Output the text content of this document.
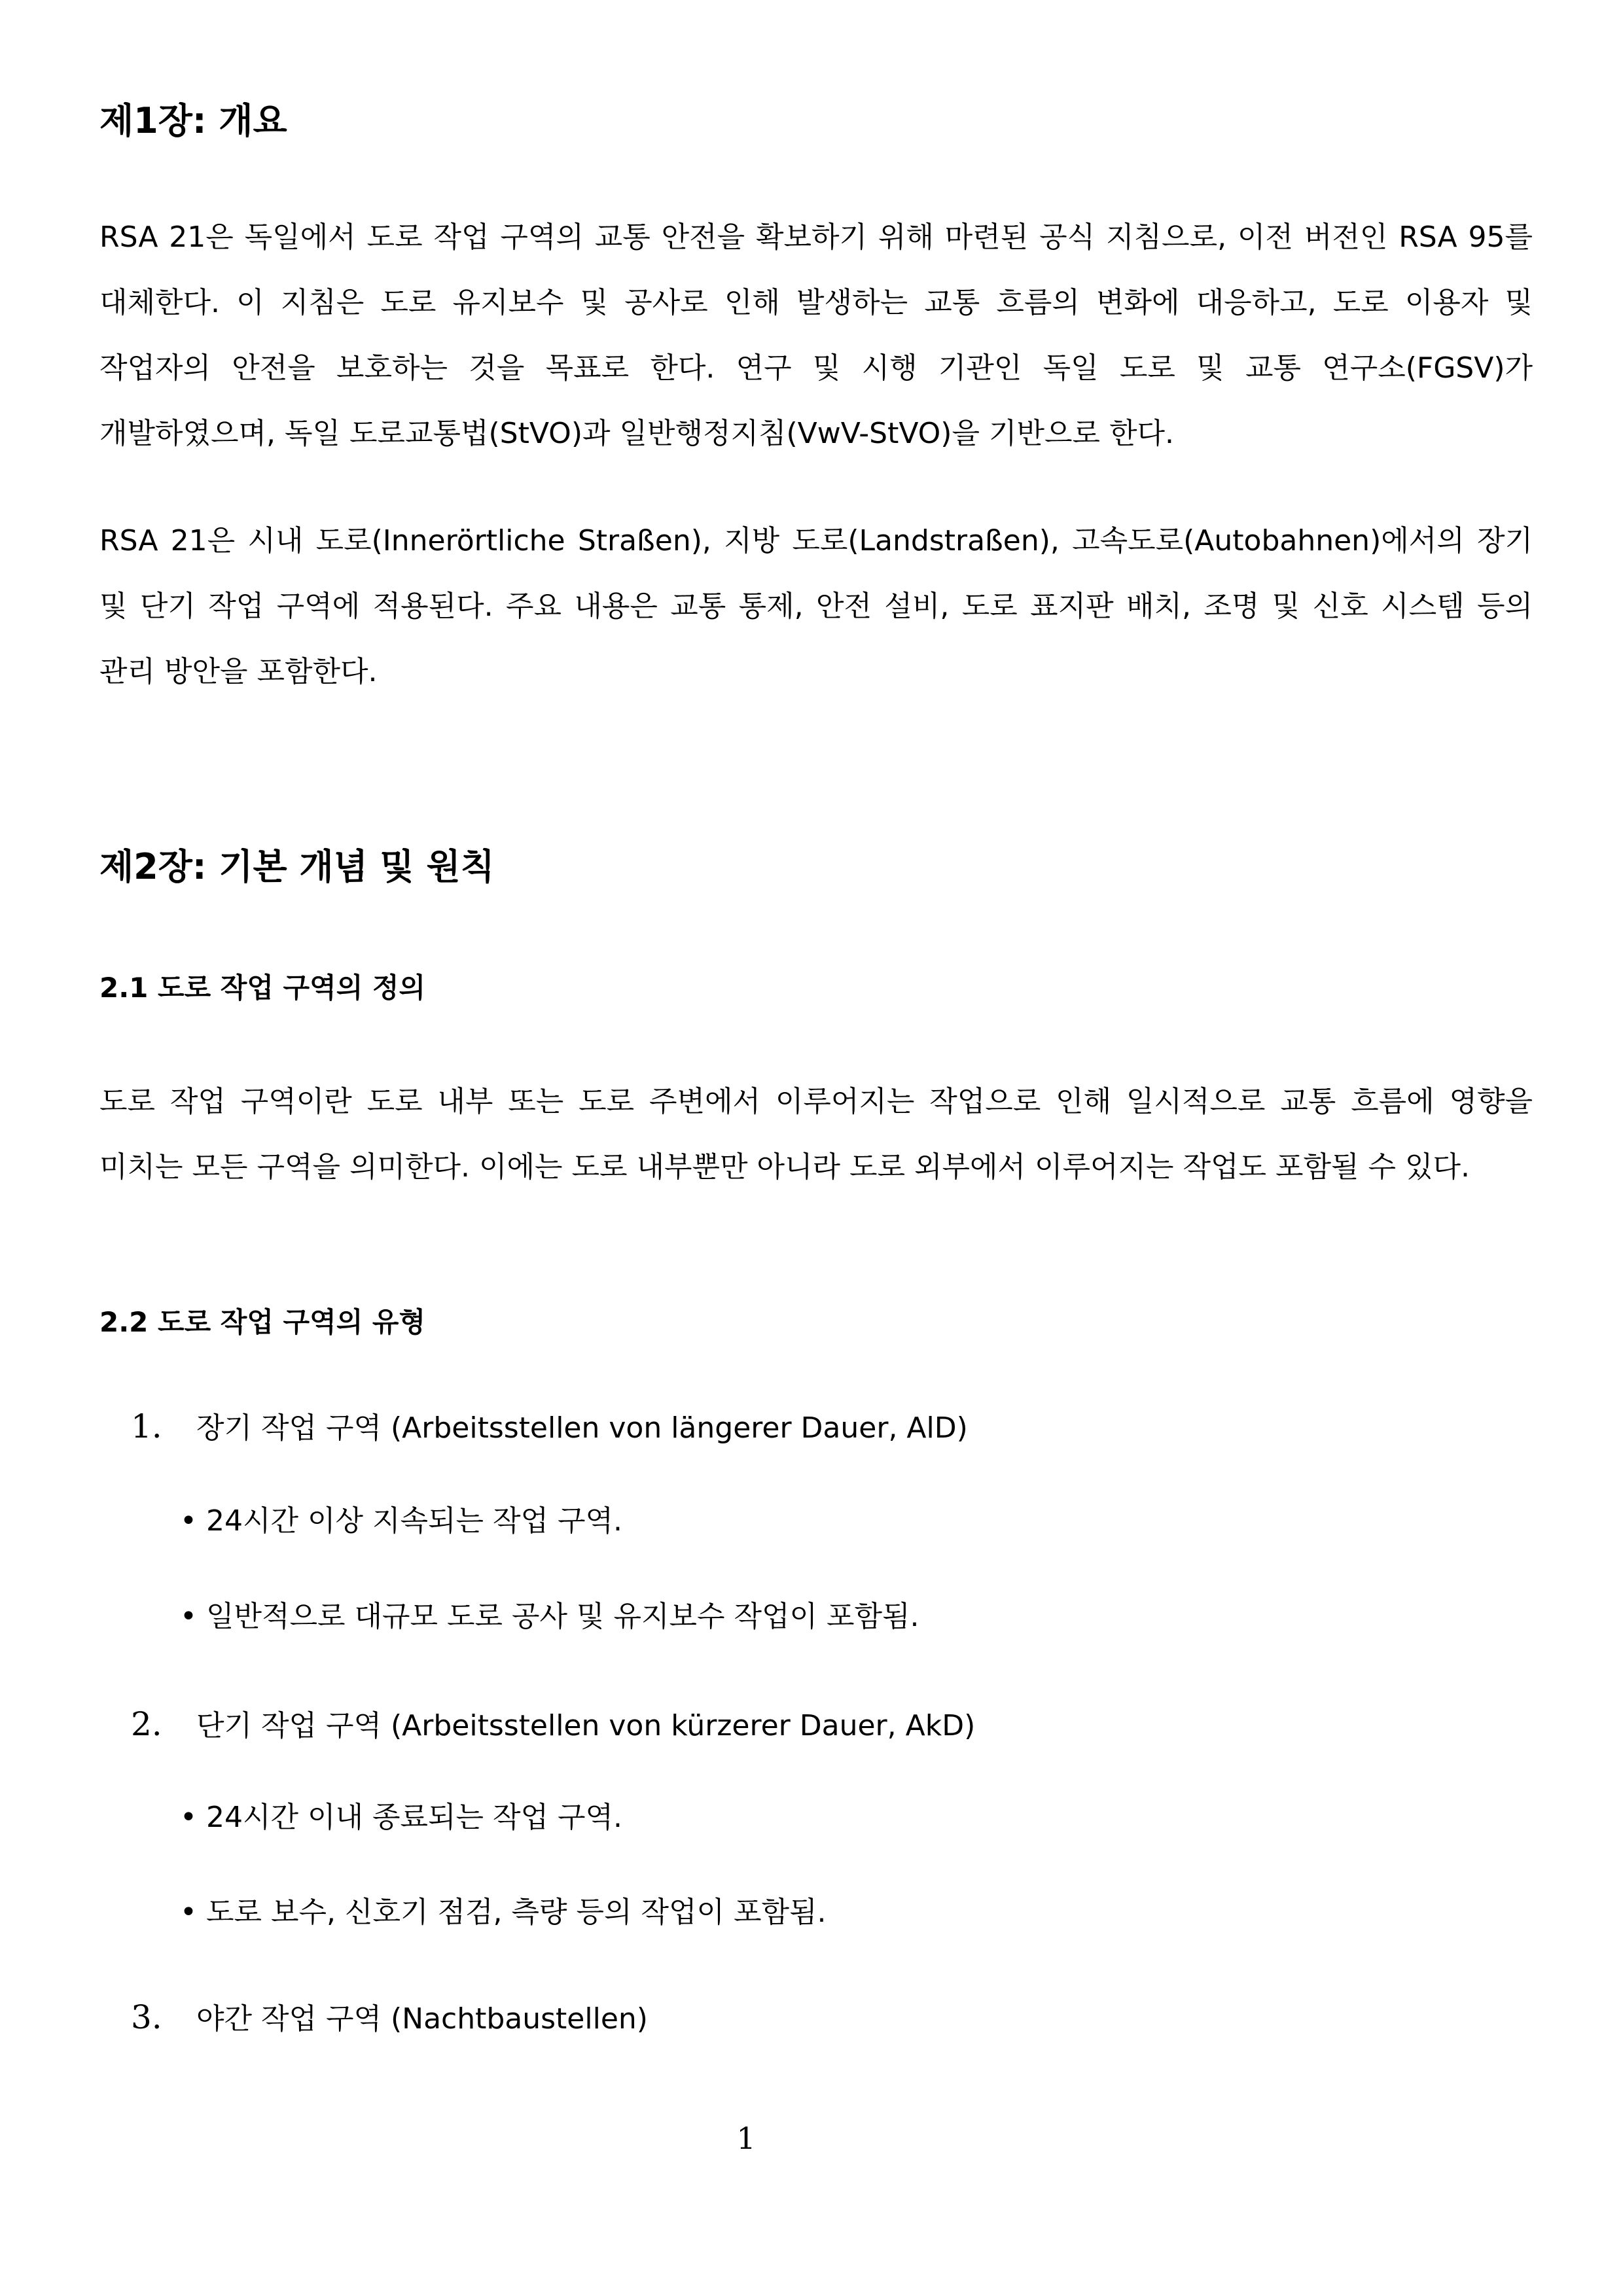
제1장: 개요

RSA 21은 독일에서 도로 작업 구역의 교통 안전을 확보하기 위해 마련된 공식 지침으로, 이전 버전인 RSA 95를 대체한다. 이 지침은 도로 유지보수 및 공사로 인해 발생하는 교통 흐름의 변화에 대응하고, 도로 이용자 및 작업자의 안전을 보호하는 것을 목표로 한다. 연구 및 시행 기관인 독일 도로 및 교통 연구소(FGSV)가 개발하였으며, 독일 도로교통법(StVO)과 일반행정지침(VwV-StVO)을 기반으로 한다.

RSA 21은 시내 도로(Innerörtliche Straßen), 지방 도로(Landstraßen), 고속도로(Autobahnen)에서의 장기 및 단기 작업 구역에 적용된다. 주요 내용은 교통 통제, 안전 설비, 도로 표지판 배치, 조명 및 신호 시스템 등의 관리 방안을 포함한다.

제2장: 기본 개념 및 원칙
2.1 도로 작업 구역의 정의

도로 작업 구역이란 도로 내부 또는 도로 주변에서 이루어지는 작업으로 인해 일시적으로 교통 흐름에 영향을 미치는 모든 구역을 의미한다. 이에는 도로 내부뿐만 아니라 도로 외부에서 이루어지는 작업도 포함될 수 있다.

2.2 도로 작업 구역의 유형
1. 장기 작업 구역 (Arbeitsstellen von längerer Dauer, AlD)
• 24시간 이상 지속되는 작업 구역.
• 일반적으로 대규모 도로 공사 및 유지보수 작업이 포함됨.
2. 단기 작업 구역 (Arbeitsstellen von kürzerer Dauer, AkD)
• 24시간 이내 종료되는 작업 구역.
• 도로 보수, 신호기 점검, 측량 등의 작업이 포함됨.
3. 야간 작업 구역 (Nachtbaustellen)
1
